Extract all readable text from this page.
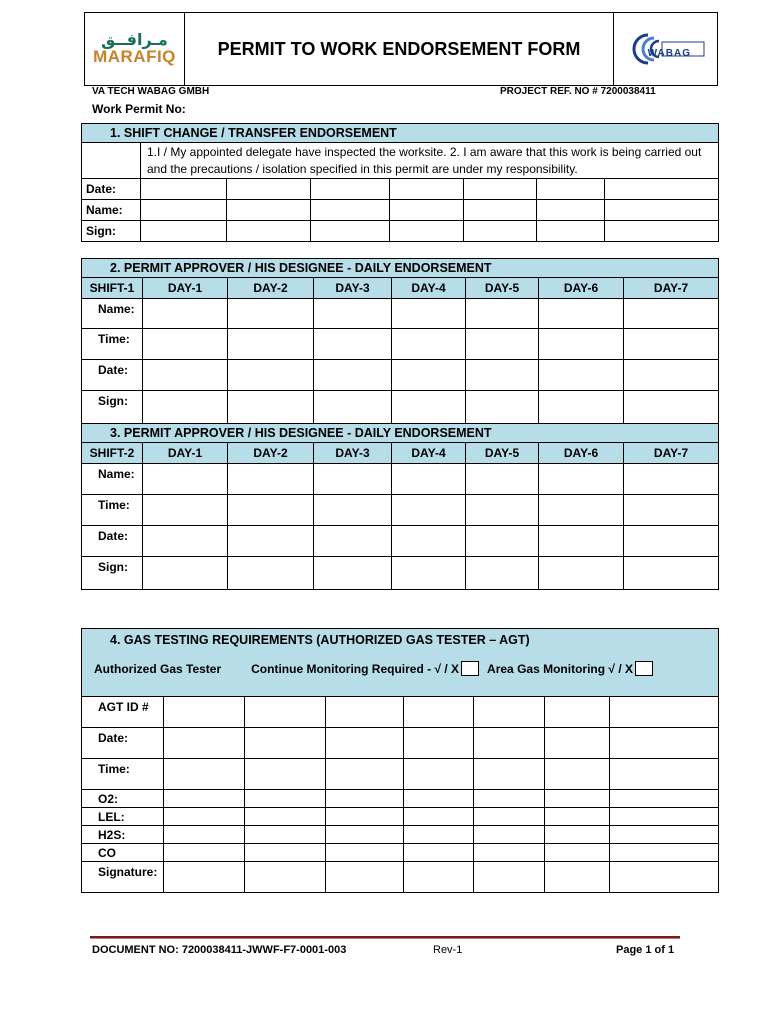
مـرافــق
MARAFIQ	PERMIT TO WORK ENDORSEMENT FORM	WABAG
VA TECH WABAG GMBH	PROJECT REF. NO # 7200038411
Work Permit No:
1. SHIFT CHANGE / TRANSFER ENDORSEMENT							
	1.I / My appointed delegate have inspected the worksite. 2. I am aware that this work is being carried out and the precautions / isolation specified in this permit are under my responsibility.						
Date:							
Name:							
Sign:							
2. PERMIT APPROVER / HIS DESIGNEE - DAILY ENDORSEMENT							
SHIFT-1	DAY-1	DAY-2	DAY-3	DAY-4	DAY-5	DAY-6	DAY-7
Name:							
Time:							
Date:							
Sign:							
3. PERMIT APPROVER / HIS DESIGNEE - DAILY ENDORSEMENT							
SHIFT-2	DAY-1	DAY-2	DAY-3	DAY-4	DAY-5	DAY-6	DAY-7
Name:							
Time:							
Date:							
Sign:							
4. GAS TESTING REQUIREMENTS (AUTHORIZED GAS TESTER – AGT)
Authorized Gas Tester Continue Monitoring Required - √ / X Area Gas Monitoring √ / X							

AGT ID #							
Date:							
Time:							
O2:							
LEL:							
H2S:							
CO							
Signature:							
DOCUMENT NO: 7200038411-JWWF-F7-0001-003	Rev-1	Page 1 of 1
